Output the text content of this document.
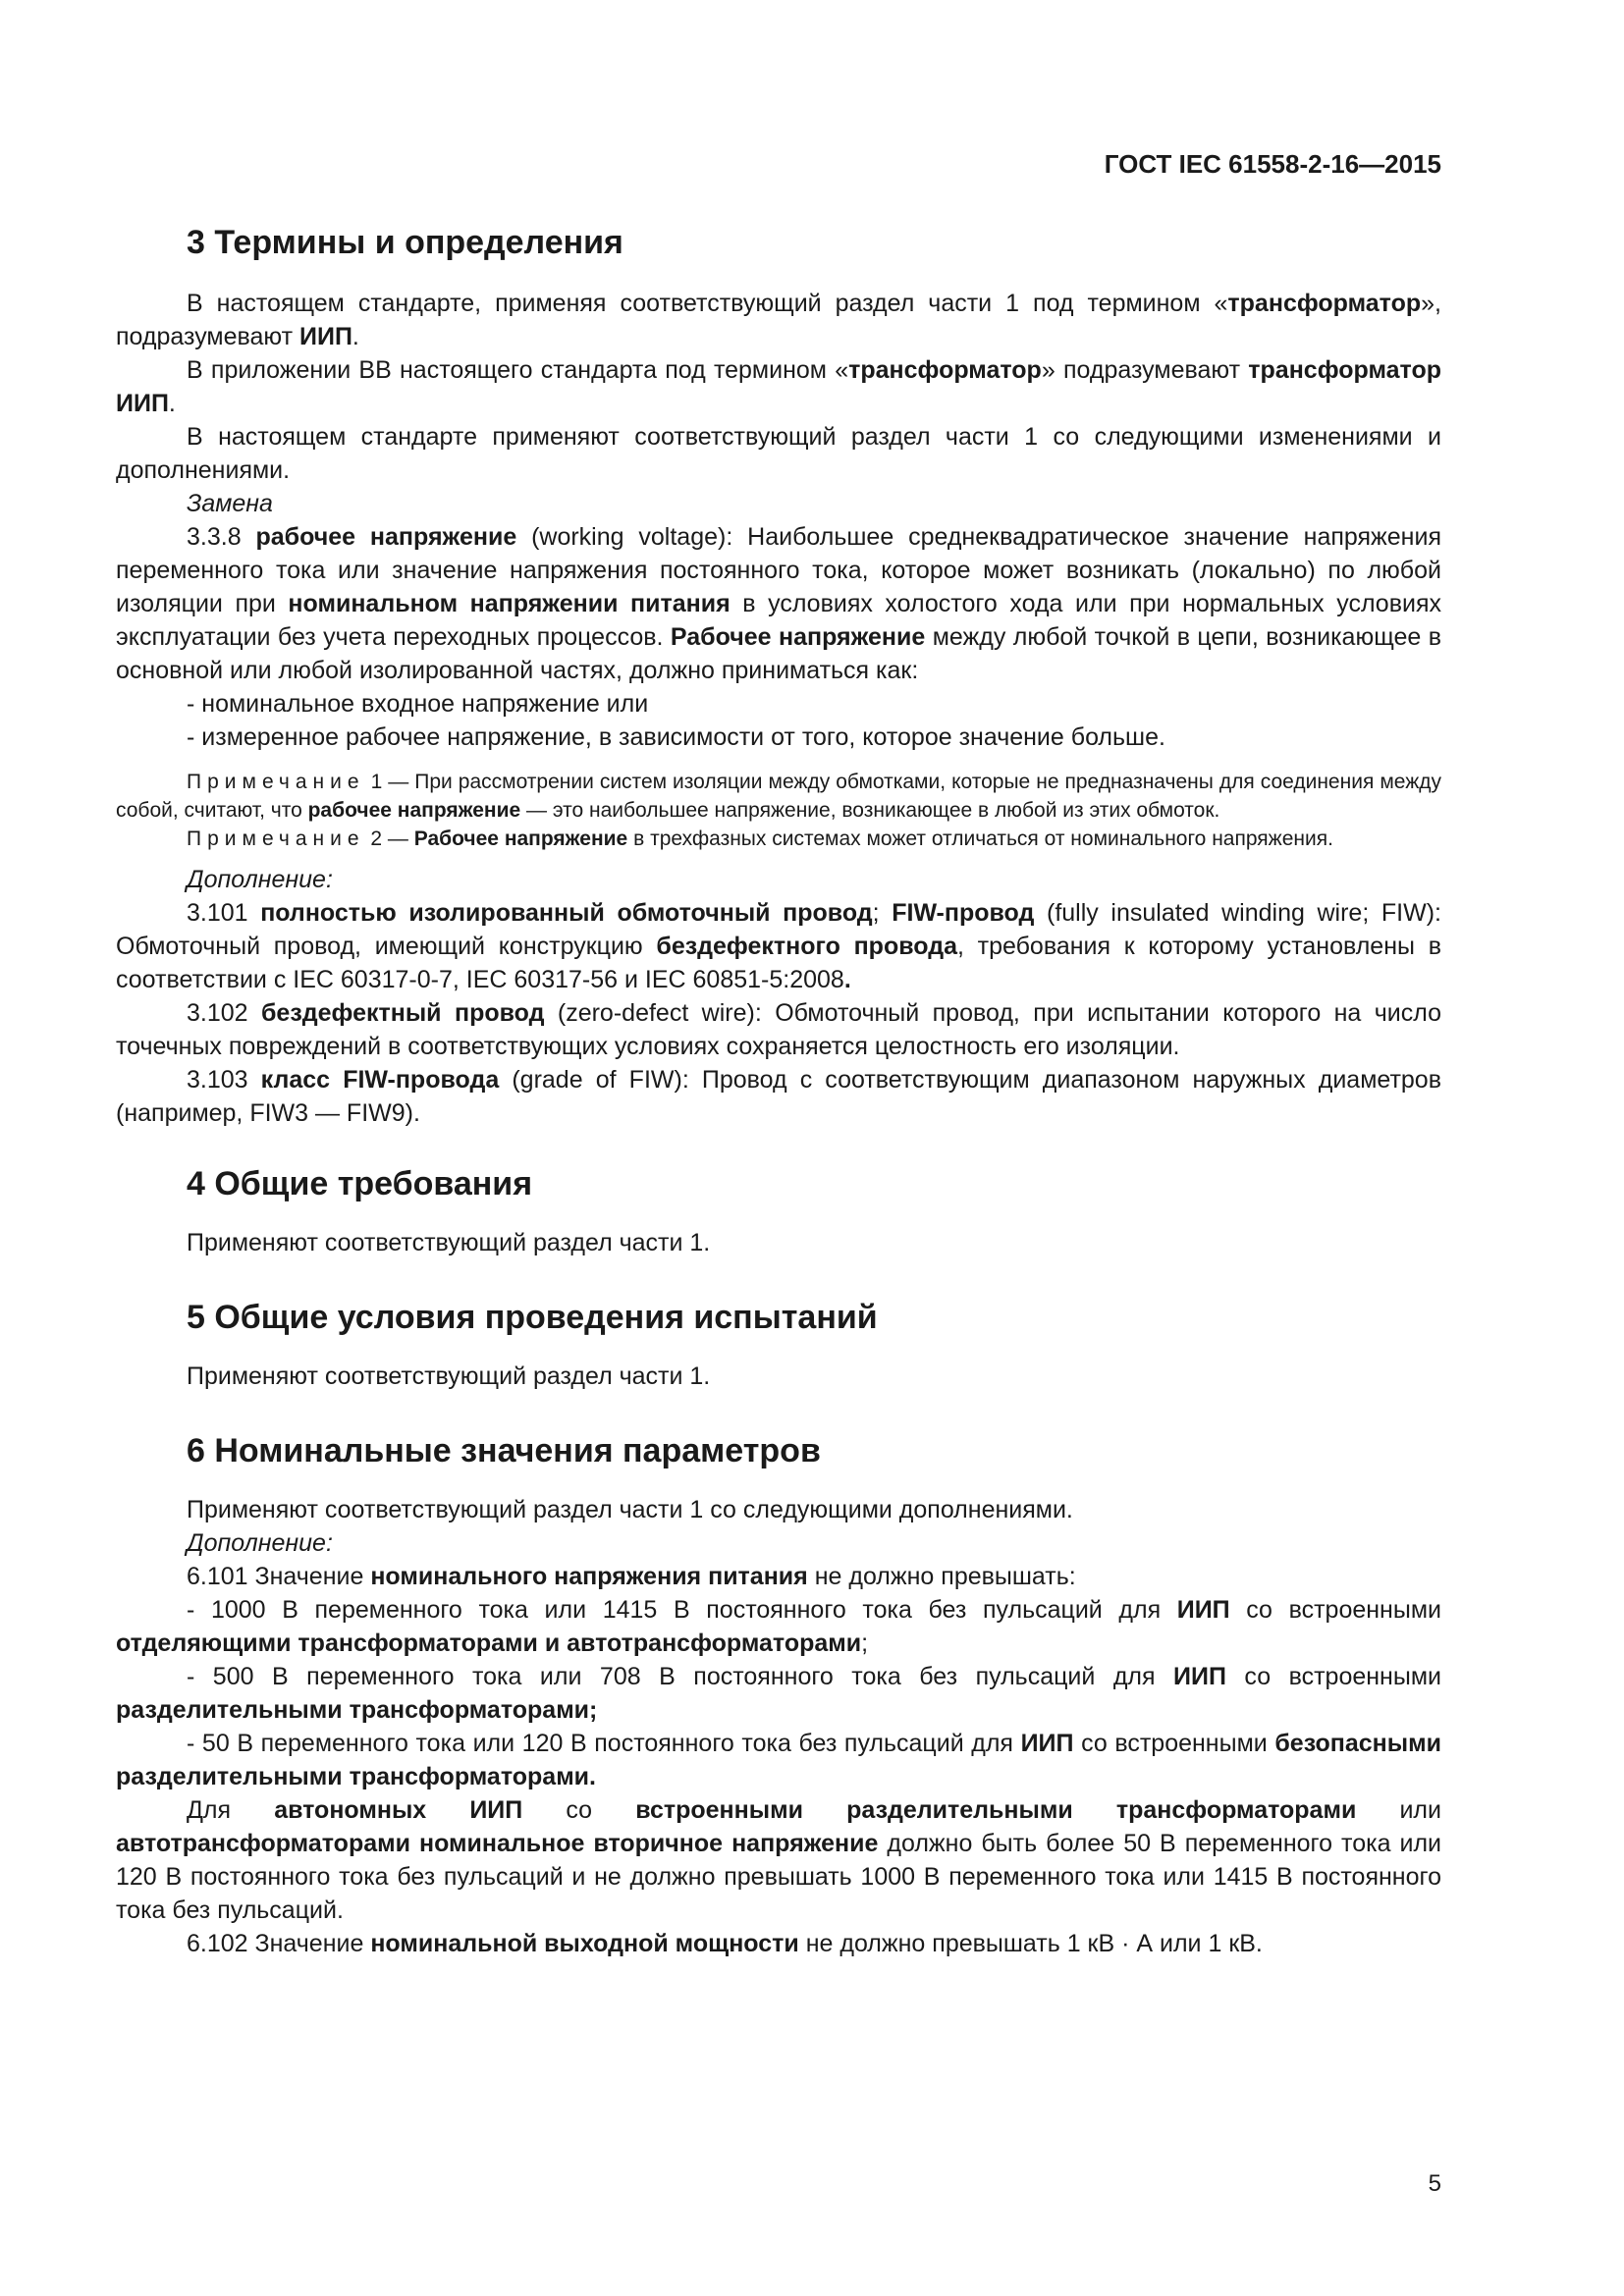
ГОСТ IEC 61558-2-16—2015

3 Термины и определения

В настоящем стандарте, применяя соответствующий раздел части 1 под термином «трансформатор», подразумевают ИИП.

В приложении ВВ настоящего стандарта под термином «трансформатор» подразумевают трансформатор ИИП.

В настоящем стандарте применяют соответствующий раздел части 1 со следующими изменениями и дополнениями.

Замена

3.3.8 рабочее напряжение (working voltage): Наибольшее среднеквадратическое значение напряжения переменного тока или значение напряжения постоянного тока, которое может возникать (локально) по любой изоляции при номинальном напряжении питания в условиях холостого хода или при нормальных условиях эксплуатации без учета переходных процессов. Рабочее напряжение между любой точкой в цепи, возникающее в основной или любой изолированной частях, должно приниматься как:

- номинальное входное напряжение или

- измеренное рабочее напряжение, в зависимости от того, которое значение больше.

Примечание 1 — При рассмотрении систем изоляции между обмотками, которые не предназначены для соединения между собой, считают, что рабочее напряжение — это наибольшее напряжение, возникающее в любой из этих обмоток.

Примечание 2 — Рабочее напряжение в трехфазных системах может отличаться от номинального напряжения.

Дополнение:

3.101 полностью изолированный обмоточный провод; FIW-провод (fully insulated winding wire; FIW): Обмоточный провод, имеющий конструкцию бездефектного провода, требования к которому установлены в соответствии с IEC 60317-0-7, IEC 60317-56 и IEC 60851-5:2008.

3.102 бездефектный провод (zero-defect wire): Обмоточный провод, при испытании которого на число точечных повреждений в соответствующих условиях сохраняется целостность его изоляции.

3.103 класс FIW-провода (grade of FIW): Провод с соответствующим диапазоном наружных диаметров (например, FIW3 — FIW9).

4 Общие требования

Применяют соответствующий раздел части 1.

5 Общие условия проведения испытаний

Применяют соответствующий раздел части 1.

6 Номинальные значения параметров

Применяют соответствующий раздел части 1 со следующими дополнениями.

Дополнение:

6.101 Значение номинального напряжения питания не должно превышать:

- 1000 В переменного тока или 1415 В постоянного тока без пульсаций для ИИП со встроенными отделяющими трансформаторами и автотрансформаторами;

- 500 В переменного тока или 708 В постоянного тока без пульсаций для ИИП со встроенными разделительными трансформаторами;

- 50 В переменного тока или 120 В постоянного тока без пульсаций для ИИП со встроенными безопасными разделительными трансформаторами.

Для автономных ИИП со встроенными разделительными трансформаторами или автотрансформаторами номинальное вторичное напряжение должно быть более 50 В переменного тока или 120 В постоянного тока без пульсаций и не должно превышать 1000 В переменного тока или 1415 В постоянного тока без пульсаций.

6.102 Значение номинальной выходной мощности не должно превышать 1 кВ · А или 1 кВ.

5
